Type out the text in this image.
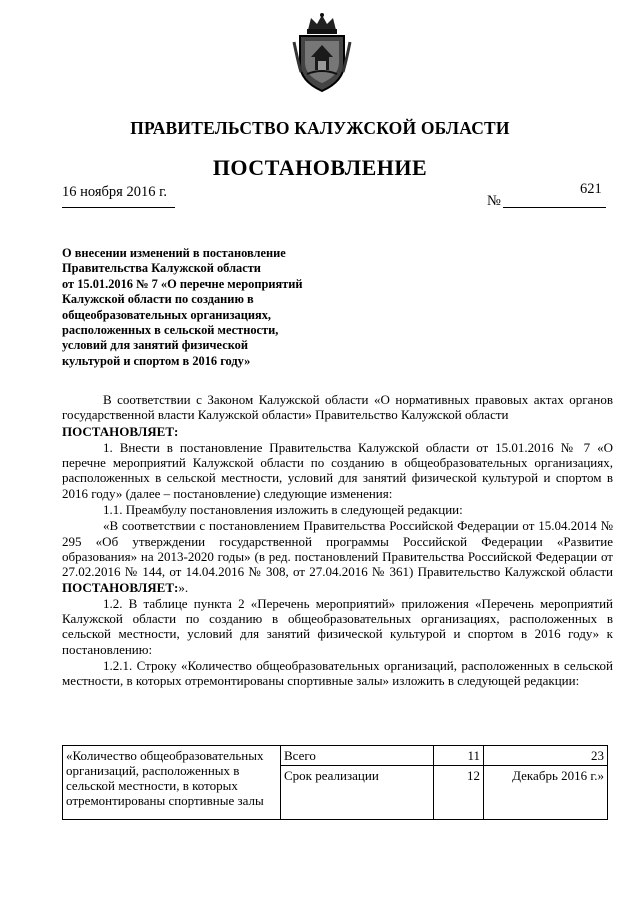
ПРАВИТЕЛЬСТВО КАЛУЖСКОЙ ОБЛАСТИ
ПОСТАНОВЛЕНИЕ
16 ноября 2016 г.
№
621
О внесении изменений в постановление
Правительства Калужской области
от 15.01.2016 № 7 «О перечне мероприятий
Калужской области по созданию в
общеобразовательных организациях,
расположенных в сельской местности,
условий для занятий физической
культурой и спортом в 2016 году»

В соответствии с Законом Калужской области «О нормативных правовых актах органов государственной власти Калужской области» Правительство Калужской области

ПОСТАНОВЛЯЕТ:

1. Внести в постановление Правительства Калужской области от 15.01.2016 № 7 «О перечне мероприятий Калужской области по созданию в общеобразовательных организациях, расположенных в сельской местности, условий для занятий физической культурой и спортом в 2016 году» (далее – постановление) следующие изменения:

1.1. Преамбулу постановления изложить в следующей редакции:

«В соответствии с постановлением Правительства Российской Федерации от 15.04.2014 № 295 «Об утверждении государственной программы Российской Федерации «Развитие образования» на 2013-2020 годы» (в ред. постановлений Правительства Российской Федерации от 27.02.2016 № 144, от 14.04.2016 № 308, от 27.04.2016 № 361) Правительство Калужской области ПОСТАНОВЛЯЕТ:».

1.2. В таблице пункта 2 «Перечень мероприятий» приложения «Перечень мероприятий Калужской области по созданию в общеобразовательных организациях, расположенных в сельской местности, условий для занятий физической культурой и спортом в 2016 году» к постановлению:

1.2.1. Строку «Количество общеобразовательных организаций, расположенных в сельской местности, в которых отремонтированы спортивные залы» изложить в следующей редакции:

«Количество общеобразовательных организаций, расположенных в сельской местности, в которых отремонтированы спортивные залы	Всего	11	23
	Срок реализации	12	Декабрь 2016 г.»
